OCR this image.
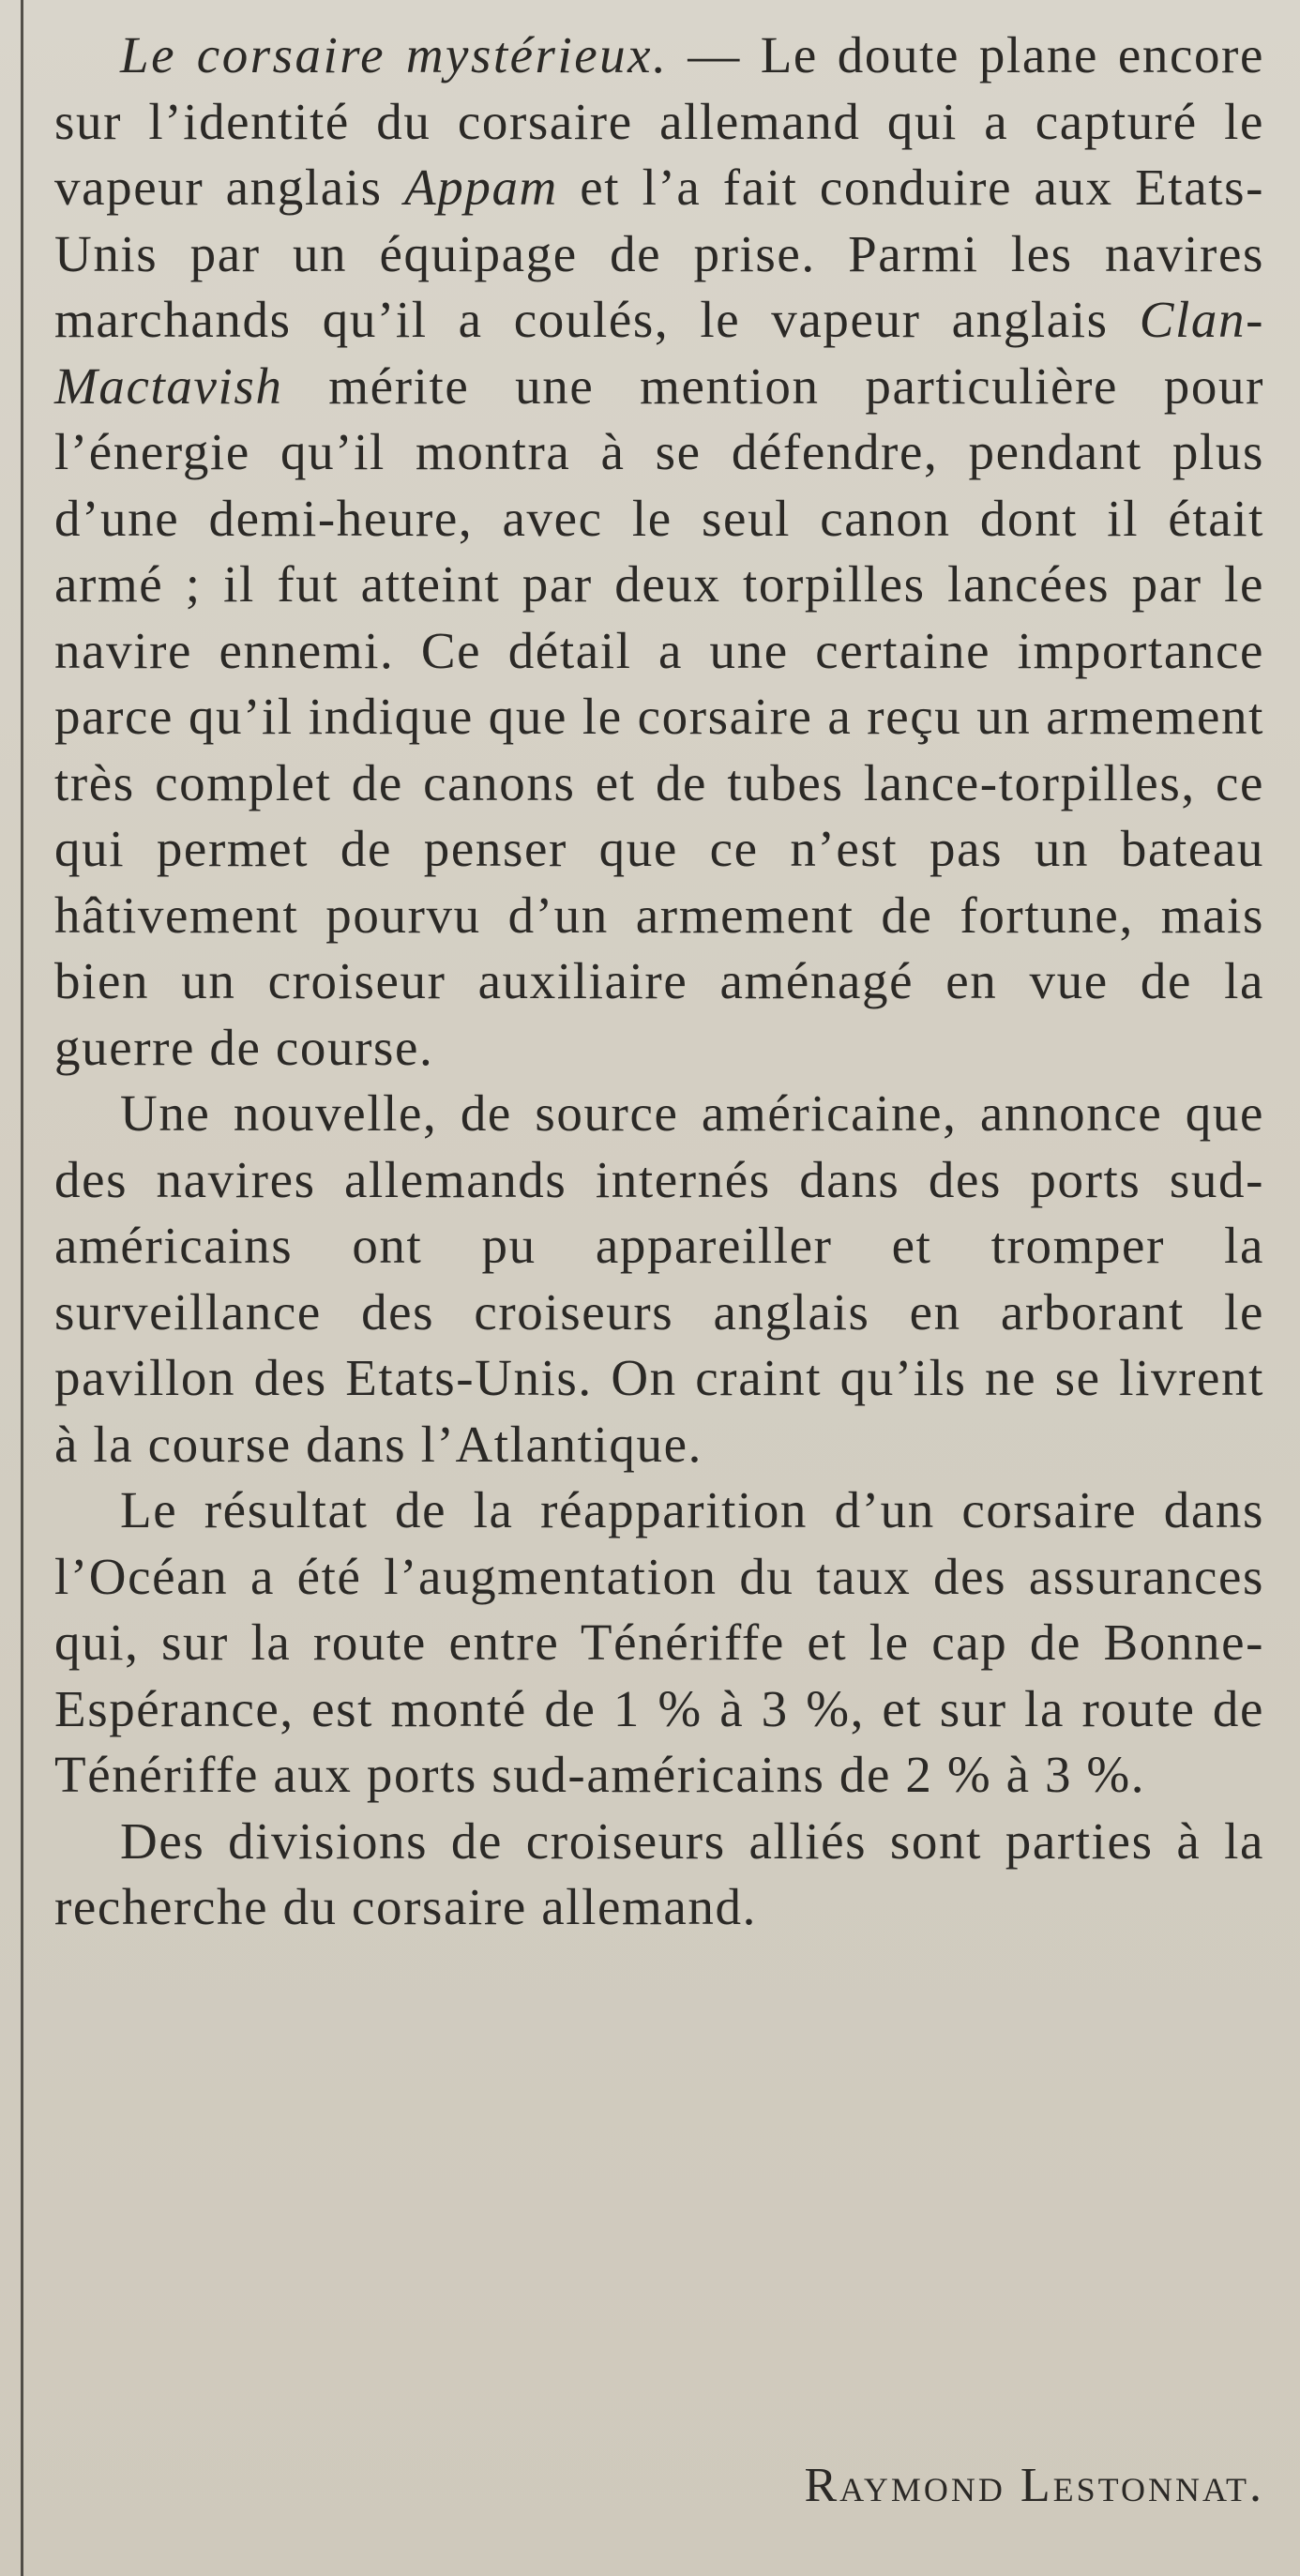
Le corsaire mystérieux. — Le doute plane encore sur l’identité du corsaire allemand qui a capturé le vapeur anglais Appam et l’a fait conduire aux Etats-Unis par un équipage de prise. Parmi les navires marchands qu’il a coulés, le vapeur anglais Clan-Mactavish mérite une mention particulière pour l’énergie qu’il montra à se défendre, pendant plus d’une demi-heure, avec le seul canon dont il était armé ; il fut atteint par deux torpilles lancées par le navire ennemi. Ce détail a une certaine importance parce qu’il indique que le corsaire a reçu un armement très complet de canons et de tubes lance-torpilles, ce qui permet de penser que ce n’est pas un bateau hâtivement pourvu d’un armement de fortune, mais bien un croiseur auxiliaire aménagé en vue de la guerre de course.

Une nouvelle, de source américaine, annonce que des navires allemands internés dans des ports sud-américains ont pu appareiller et tromper la surveillance des croiseurs anglais en arborant le pavillon des Etats-Unis. On craint qu’ils ne se livrent à la course dans l’Atlantique.

Le résultat de la réapparition d’un corsaire dans l’Océan a été l’augmentation du taux des assurances qui, sur la route entre Ténériffe et le cap de Bonne-Espérance, est monté de 1 % à 3 %, et sur la route de Ténériffe aux ports sud-américains de 2 % à 3 %.

Des divisions de croiseurs alliés sont parties à la recherche du corsaire allemand.

Raymond Lestonnat.
